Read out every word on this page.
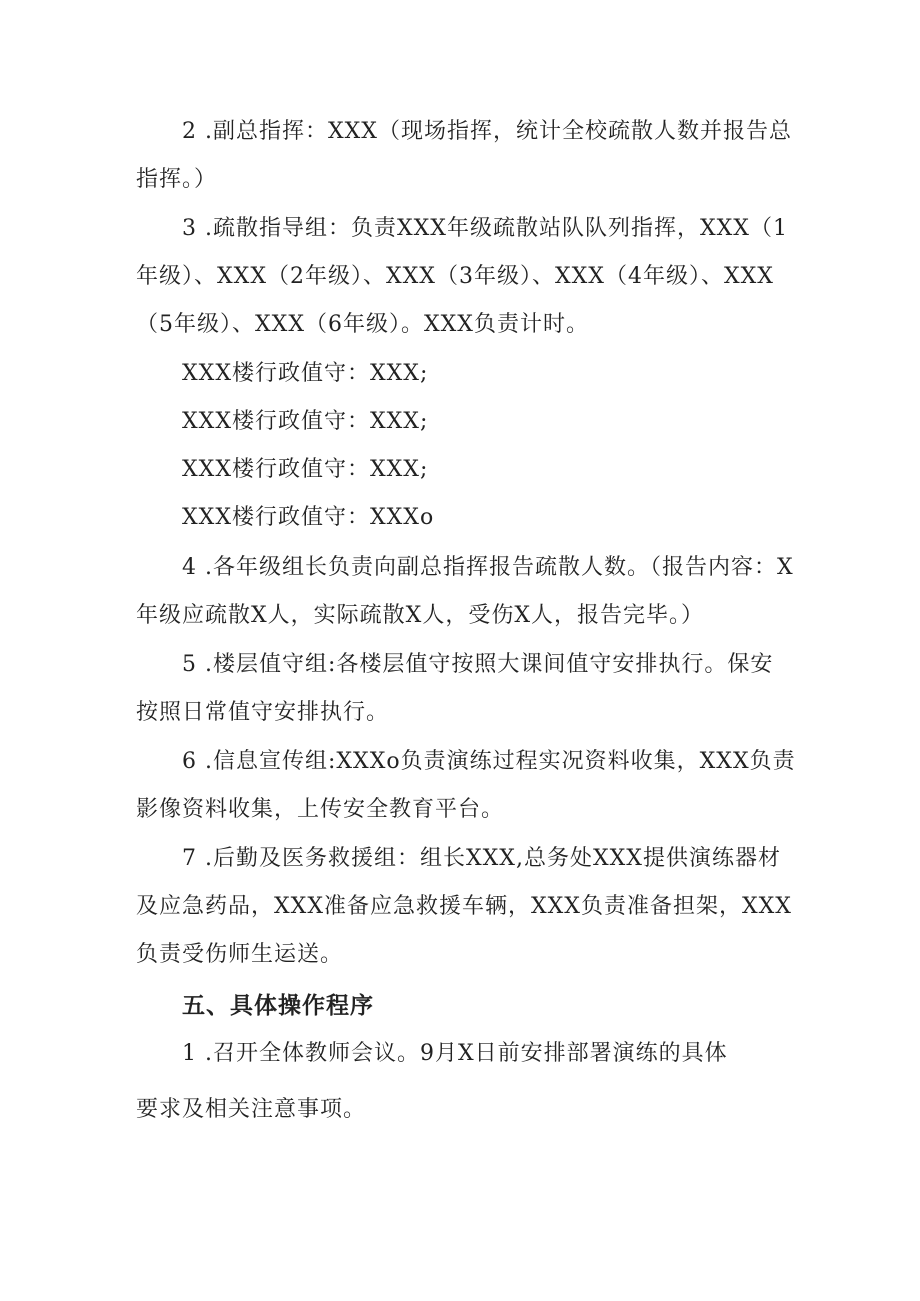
2 .副总指挥：XXX（现场指挥，统计全校疏散人数并报告总指挥。）
3 .疏散指导组：负责XXX年级疏散站队队列指挥，XXX（1年级）、XXX（2年级）、XXX（3年级）、XXX（4年级）、XXX（5年级）、XXX（6年级）。XXX负责计时。
XXX楼行政值守：XXX;
XXX楼行政值守：XXX;
XXX楼行政值守：XXX;
XXX楼行政值守：XXXo
4 .各年级组长负责向副总指挥报告疏散人数。（报告内容：X年级应疏散X人，实际疏散X人，受伤X人，报告完毕。）
5 .楼层值守组:各楼层值守按照大课间值守安排执行。保安按照日常值守安排执行。
6 .信息宣传组:XXXo负责演练过程实况资料收集，XXX负责影像资料收集，上传安全教育平台。
7 .后勤及医务救援组：组长XXX,总务处XXX提供演练器材及应急药品，XXX准备应急救援车辆，XXX负责准备担架，XXX负责受伤师生运送。
五、具体操作程序
1 .召开全体教师会议。9月X日前安排部署演练的具体
要求及相关注意事项。
